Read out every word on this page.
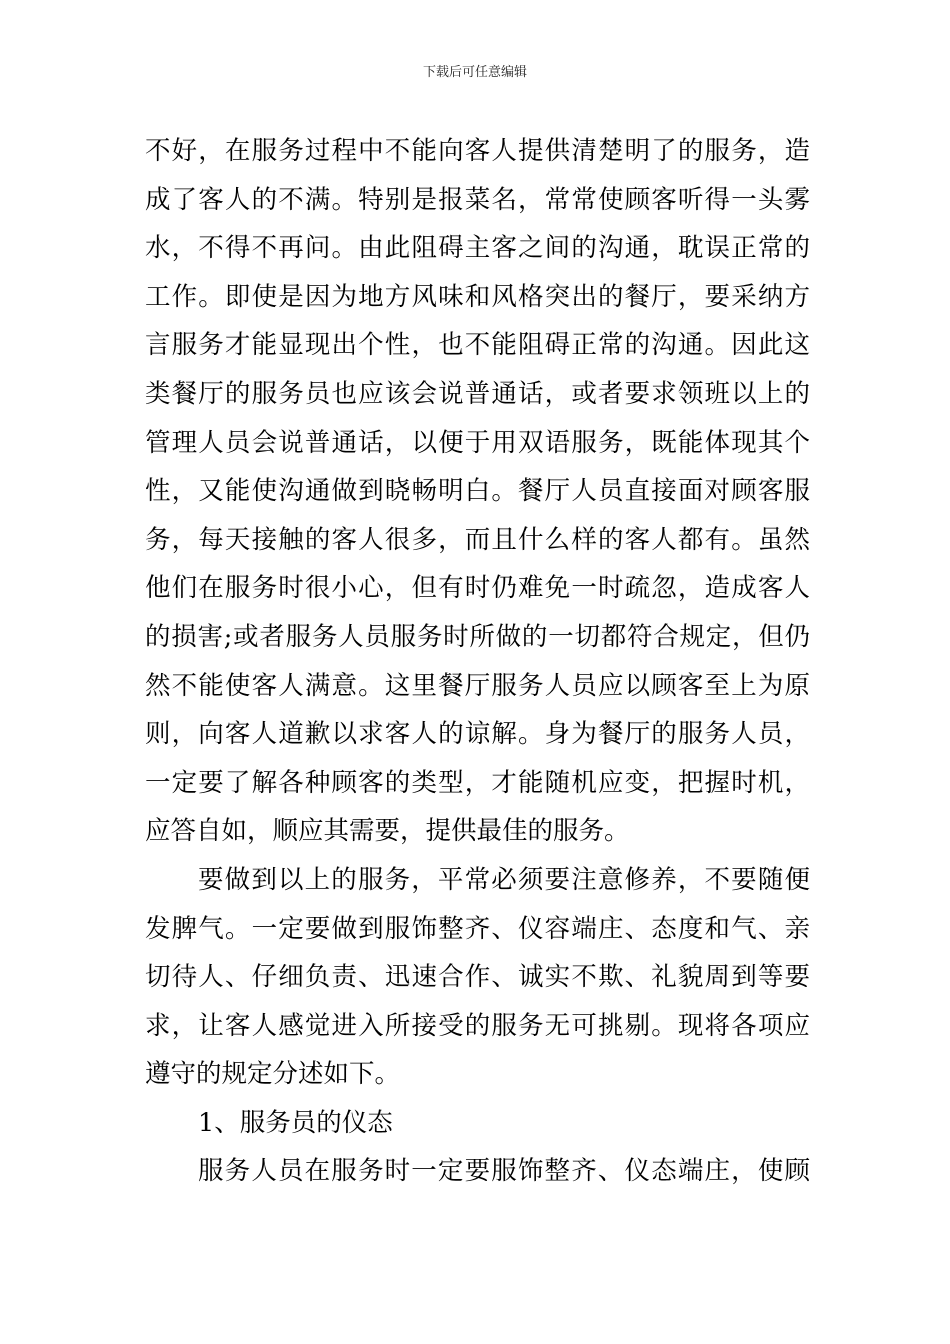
下载后可任意编辑
不好，在服务过程中不能向客人提供清楚明了的服务，造
成了客人的不满。特别是报菜名，常常使顾客听得一头雾
水，不得不再问。由此阻碍主客之间的沟通，耽误正常的
工作。即使是因为地方风味和风格突出的餐厅，要采纳方
言服务才能显现出个性，也不能阻碍正常的沟通。因此这
类餐厅的服务员也应该会说普通话，或者要求领班以上的
管理人员会说普通话，以便于用双语服务，既能体现其个
性，又能使沟通做到晓畅明白。餐厅人员直接面对顾客服
务，每天接触的客人很多，而且什么样的客人都有。虽然
他们在服务时很小心，但有时仍难免一时疏忽，造成客人
的损害;或者服务人员服务时所做的一切都符合规定，但仍
然不能使客人满意。这里餐厅服务人员应以顾客至上为原
则，向客人道歉以求客人的谅解。身为餐厅的服务人员，
一定要了解各种顾客的类型，才能随机应变，把握时机，
应答自如，顺应其需要，提供最佳的服务。
要做到以上的服务，平常必须要注意修养，不要随便
发脾气。一定要做到服饰整齐、仪容端庄、态度和气、亲
切待人、仔细负责、迅速合作、诚实不欺、礼貌周到等要
求，让客人感觉进入所接受的服务无可挑剔。现将各项应
遵守的规定分述如下。
1、服务员的仪态
服务人员在服务时一定要服饰整齐、仪态端庄，使顾
